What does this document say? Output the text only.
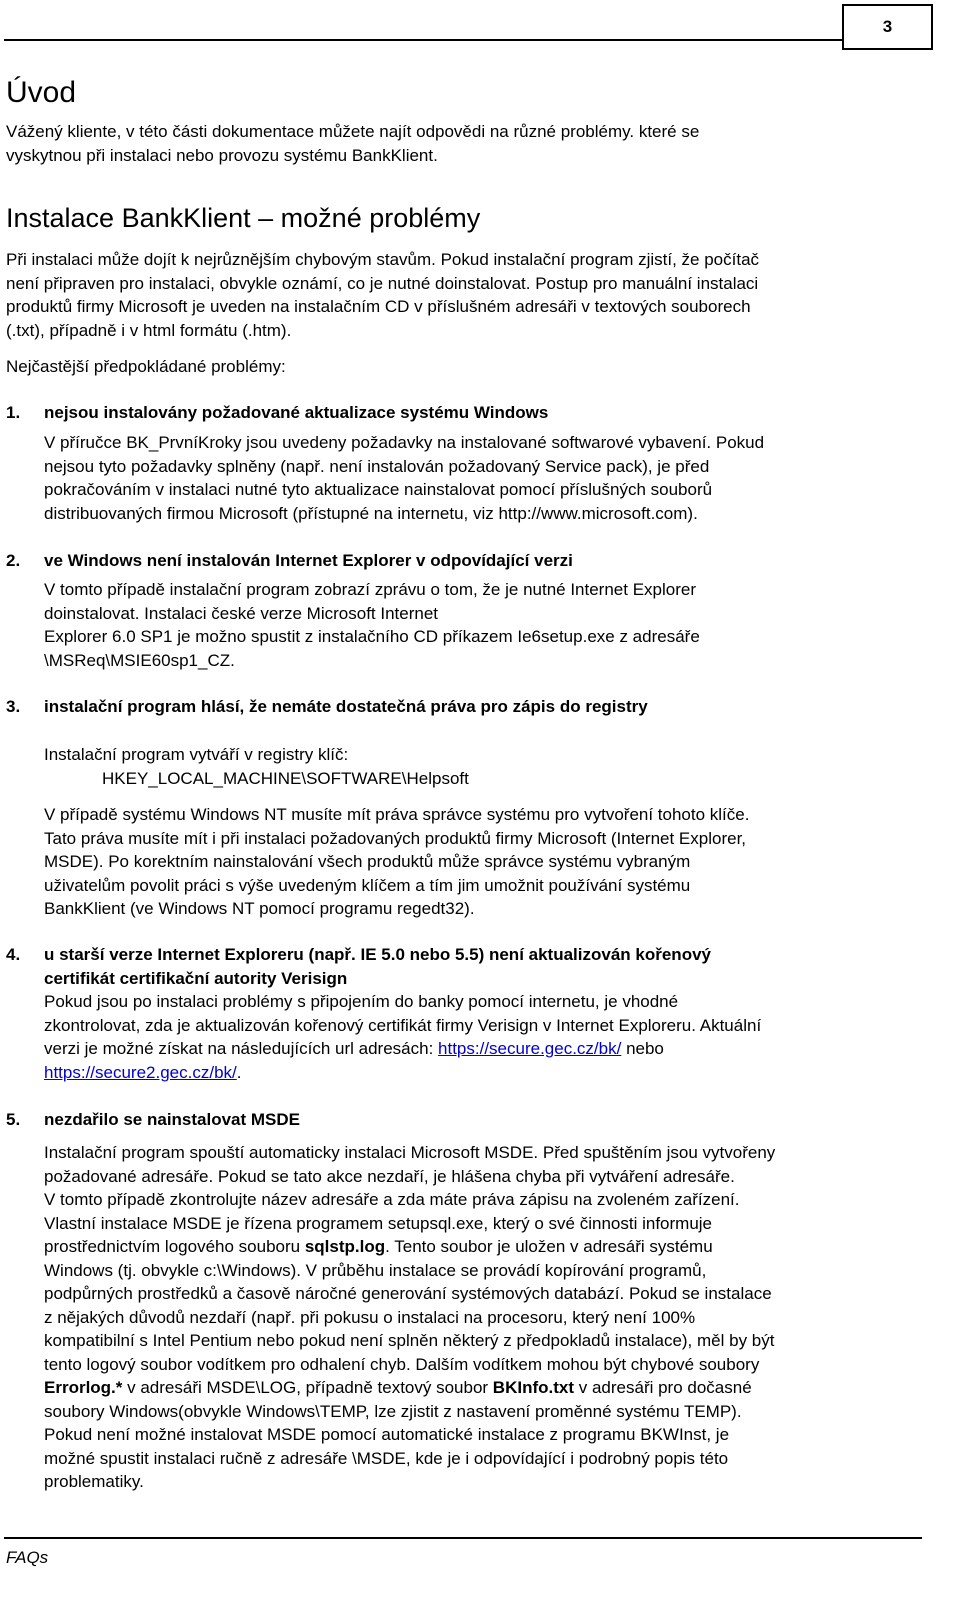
3
Úvod
Vážený kliente, v této části dokumentace můžete najít odpovědi na různé problémy. které se
vyskytnou při instalaci nebo provozu systému BankKlient.
Instalace BankKlient – možné problémy
Při instalaci může dojít k nejrůznějším chybovým stavům. Pokud instalační program zjistí, že počítač
není připraven pro instalaci, obvykle oznámí, co je nutné doinstalovat. Postup pro manuální instalaci
produktů firmy Microsoft je uveden na instalačním CD v příslušném adresáři v textových souborech
(.txt), případně i v html formátu (.htm).
Nejčastější předpokládané problémy:
1. nejsou instalovány požadované aktualizace systému Windows
V příručce BK_PrvníKroky jsou uvedeny požadavky na instalované softwarové vybavení. Pokud
nejsou tyto požadavky splněny (např. není instalován požadovaný Service pack), je před
pokračováním v instalaci nutné tyto aktualizace nainstalovat pomocí příslušných souborů
distribuovaných firmou Microsoft (přístupné na internetu, viz http://www.microsoft.com).
2. ve Windows není instalován Internet Explorer v odpovídající verzi
V tomto případě instalační program zobrazí zprávu o tom, že je nutné Internet Explorer
doinstalovat. Instalaci české verze Microsoft Internet
Explorer 6.0 SP1 je možno spustit z instalačního CD příkazem Ie6setup.exe z adresáře
\MSReq\MSIE60sp1_CZ.
3. instalační program hlásí, že nemáte dostatečná práva pro zápis do registry
Instalační program vytváří v registry klíč:
HKEY_LOCAL_MACHINE\SOFTWARE\Helpsoft
V případě systému Windows NT musíte mít práva správce systému pro vytvoření tohoto klíče.
Tato práva musíte mít i při instalaci požadovaných produktů firmy Microsoft (Internet Explorer,
MSDE). Po korektním nainstalování všech produktů může správce systému vybraným
uživatelům povolit práci s výše uvedeným klíčem a tím jim umožnit používání systému
BankKlient (ve Windows NT pomocí programu regedt32).
4. u starší verze Internet Exploreru (např. IE 5.0 nebo 5.5) není aktualizován kořenový
certifikát certifikační autority Verisign
Pokud jsou po instalaci problémy s připojením do banky pomocí internetu, je vhodné
zkontrolovat, zda je aktualizován kořenový certifikát firmy Verisign v Internet Exploreru. Aktuální
verzi je možné získat na následujících url adresách: https://secure.gec.cz/bk/ nebo
https://secure2.gec.cz/bk/.
5. nezdařilo se nainstalovat MSDE
Instalační program spouští automaticky instalaci Microsoft MSDE. Před spuštěním jsou vytvořeny
požadované adresáře. Pokud se tato akce nezdaří, je hlášena chyba při vytváření adresáře.
V tomto případě zkontrolujte název adresáře a zda máte práva zápisu na zvoleném zařízení.
Vlastní instalace MSDE je řízena programem setupsql.exe, který o své činnosti informuje
prostřednictvím logového souboru sqlstp.log. Tento soubor je uložen v adresáři systému
Windows (tj. obvykle c:\Windows). V průběhu instalace se provádí kopírování programů,
podpůrných prostředků a časově náročné generování systémových databází. Pokud se instalace
z nějakých důvodů nezdaří (např. při pokusu o instalaci na procesoru, který není 100%
kompatibilní s Intel Pentium nebo pokud není splněn některý z předpokladů instalace), měl by být
tento logový soubor vodítkem pro odhalení chyb. Dalším vodítkem mohou být chybové soubory
Errorlog.* v adresáři MSDE\LOG, případně textový soubor BKInfo.txt v adresáři pro dočasné
soubory Windows(obvykle Windows\TEMP, lze zjistit z nastavení proměnné systému TEMP).
Pokud není možné instalovat MSDE pomocí automatické instalace z programu BKWInst, je
možné spustit instalaci ručně z adresáře \MSDE, kde je i odpovídající i podrobný popis této
problematiky.
FAQs
